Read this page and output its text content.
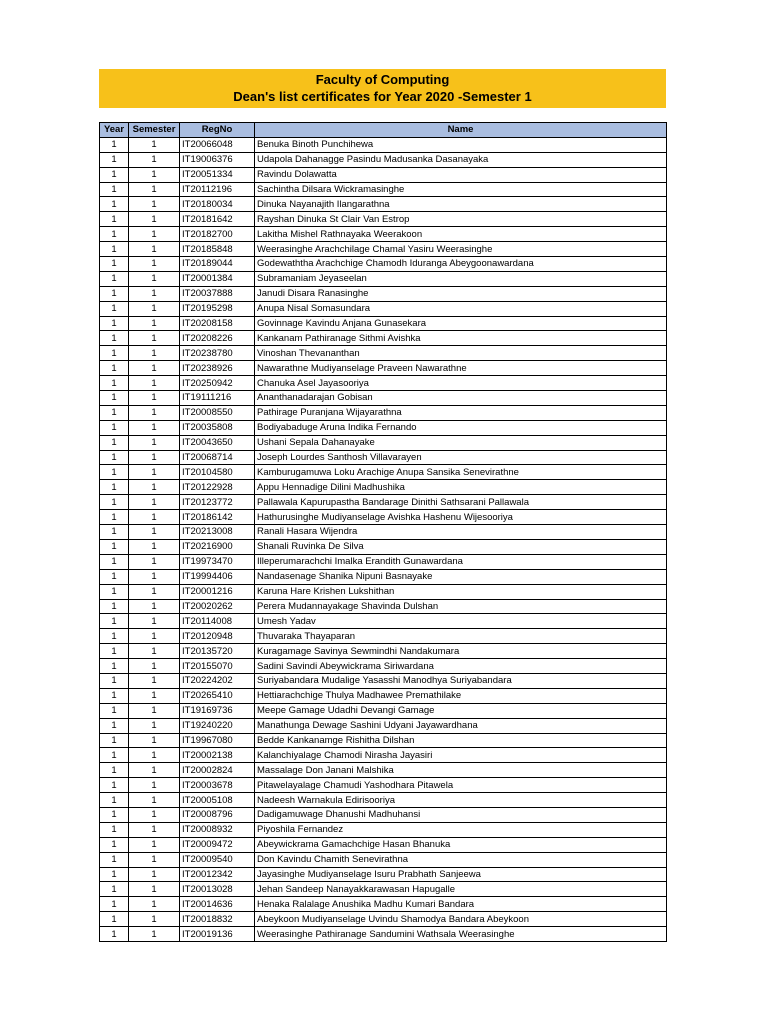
Faculty of Computing
Dean's list certificates for Year 2020 -Semester 1
Year	Semester	RegNo	Name
1	1	IT20066048	Benuka Binoth Punchihewa
1	1	IT19006376	Udapola Dahanagge Pasindu Madusanka Dasanayaka
1	1	IT20051334	Ravindu Dolawatta
1	1	IT20112196	Sachintha Dilsara Wickramasinghe
1	1	IT20180034	Dinuka Nayanajith Ilangarathna
1	1	IT20181642	Rayshan Dinuka St Clair Van Estrop
1	1	IT20182700	Lakitha Mishel Rathnayaka Weerakoon
1	1	IT20185848	Weerasinghe Arachchilage Chamal Yasiru Weerasinghe
1	1	IT20189044	Godewaththa Arachchige Chamodh Iduranga Abeygoonawardana
1	1	IT20001384	Subramaniam Jeyaseelan
1	1	IT20037888	Janudi Disara Ranasinghe
1	1	IT20195298	Anupa Nisal Somasundara
1	1	IT20208158	Govinnage Kavindu Anjana Gunasekara
1	1	IT20208226	Kankanam Pathiranage Sithmi Avishka
1	1	IT20238780	Vinoshan Thevananthan
1	1	IT20238926	Nawarathne Mudiyanselage Praveen Nawarathne
1	1	IT20250942	Chanuka Asel Jayasooriya
1	1	IT19111216	Ananthanadarajan Gobisan
1	1	IT20008550	Pathirage Puranjana Wijayarathna
1	1	IT20035808	Bodiyabaduge Aruna Indika Fernando
1	1	IT20043650	Ushani Sepala Dahanayake
1	1	IT20068714	Joseph Lourdes Santhosh Villavarayen
1	1	IT20104580	Kamburugamuwa Loku Arachige Anupa Sansika Senevirathne
1	1	IT20122928	Appu Hennadige Dilini Madhushika
1	1	IT20123772	Pallawala Kapurupastha Bandarage Dinithi Sathsarani Pallawala
1	1	IT20186142	Hathurusinghe Mudiyanselage Avishka Hashenu Wijesooriya
1	1	IT20213008	Ranali Hasara Wijendra
1	1	IT20216900	Shanali Ruvinka De Silva
1	1	IT19973470	Illeperumarachchi Imalka Erandith Gunawardana
1	1	IT19994406	Nandasenage Shanika Nipuni Basnayake
1	1	IT20001216	Karuna Hare Krishen Lukshithan
1	1	IT20020262	Perera Mudannayakage Shavinda Dulshan
1	1	IT20114008	Umesh Yadav
1	1	IT20120948	Thuvaraka Thayaparan
1	1	IT20135720	Kuragamage Savinya Sewmindhi Nandakumara
1	1	IT20155070	Sadini Savindi Abeywickrama Siriwardana
1	1	IT20224202	Suriyabandara Mudalige Yasasshi Manodhya Suriyabandara
1	1	IT20265410	Hettiarachchige Thulya Madhawee Premathilake
1	1	IT19169736	Meepe Gamage Udadhi Devangi Gamage
1	1	IT19240220	Manathunga Dewage Sashini Udyani Jayawardhana
1	1	IT19967080	Bedde Kankanamge Rishitha Dilshan
1	1	IT20002138	Kalanchiyalage Chamodi Nirasha Jayasiri
1	1	IT20002824	Massalage Don Janani Malshika
1	1	IT20003678	Pitawelayalage Chamudi Yashodhara Pitawela
1	1	IT20005108	Nadeesh Warnakula Edirisooriya
1	1	IT20008796	Dadigamuwage Dhanushi Madhuhansi
1	1	IT20008932	Piyoshila Fernandez
1	1	IT20009472	Abeywickrama Gamachchige Hasan Bhanuka
1	1	IT20009540	Don Kavindu Chamith Senevirathna
1	1	IT20012342	Jayasinghe Mudiyanselage Isuru Prabhath Sanjeewa
1	1	IT20013028	Jehan Sandeep Nanayakkarawasan Hapugalle
1	1	IT20014636	Henaka Ralalage Anushika Madhu Kumari Bandara
1	1	IT20018832	Abeykoon Mudiyanselage Uvindu Shamodya Bandara Abeykoon
1	1	IT20019136	Weerasinghe Pathiranage Sandumini Wathsala Weerasinghe
